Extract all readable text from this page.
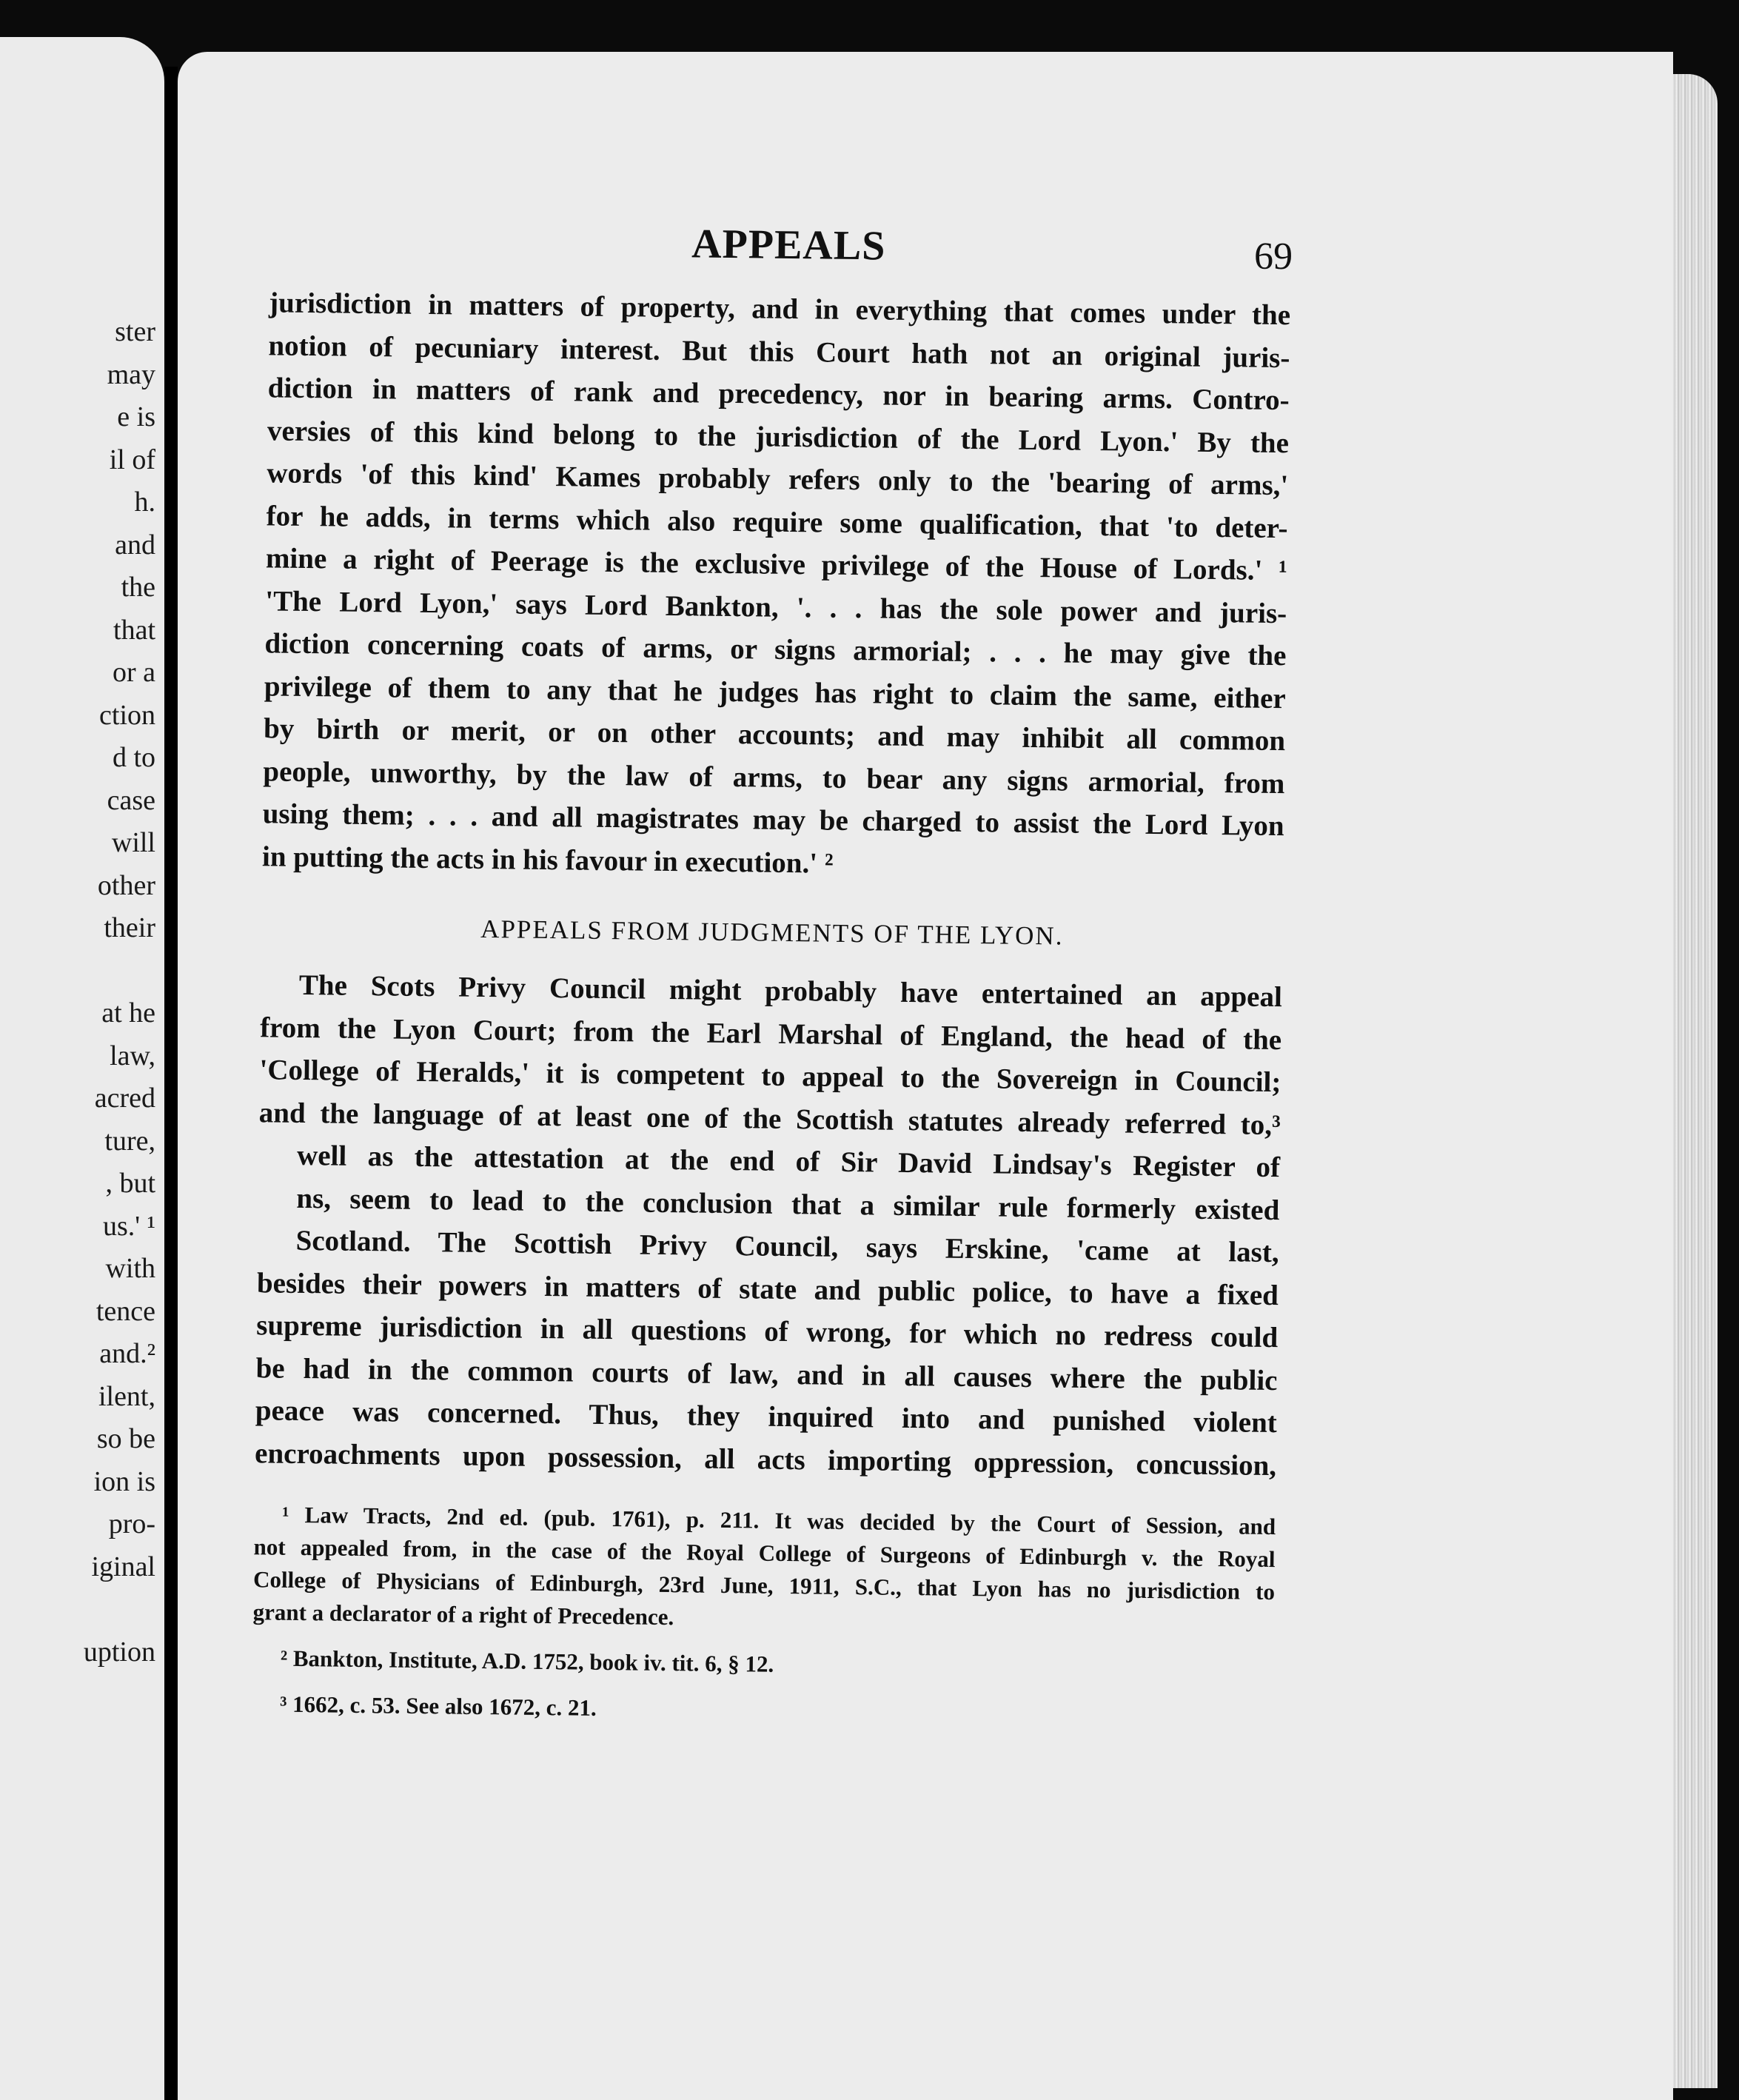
ster
may
e is
il of
h.
and
the
that
or a
ction
d to
case
will
other
their
at he
law,
acred
ture,
, but
us.' ¹
with
tence
and.²
ilent,
so be
ion is
pro-
iginal
uption
APPEALS	69
jurisdiction in matters of property, and in everything that comes under the
notion of pecuniary interest. But this Court hath not an original juris-
diction in matters of rank and precedency, nor in bearing arms. Contro-
versies of this kind belong to the jurisdiction of the Lord Lyon.' By the
words 'of this kind' Kames probably refers only to the 'bearing of arms,'
for he adds, in terms which also require some qualification, that 'to deter-
mine a right of Peerage is the exclusive privilege of the House of Lords.' ¹
'The Lord Lyon,' says Lord Bankton, '. . . has the sole power and juris-
diction concerning coats of arms, or signs armorial; . . . he may give the
privilege of them to any that he judges has right to claim the same, either
by birth or merit, or on other accounts; and may inhibit all common
people, unworthy, by the law of arms, to bear any signs armorial, from
using them; . . . and all magistrates may be charged to assist the Lord Lyon
in putting the acts in his favour in execution.' ²
APPEALS FROM JUDGMENTS OF THE LYON.
The Scots Privy Council might probably have entertained an appeal
from the Lyon Court; from the Earl Marshal of England, the head of the
'College of Heralds,' it is competent to appeal to the Sovereign in Council;
and the language of at least one of the Scottish statutes already referred to,³
well as the attestation at the end of Sir David Lindsay's Register of
ns, seem to lead to the conclusion that a similar rule formerly existed
Scotland. The Scottish Privy Council, says Erskine, 'came at last,
besides their powers in matters of state and public police, to have a fixed
supreme jurisdiction in all questions of wrong, for which no redress could
be had in the common courts of law, and in all causes where the public
peace was concerned. Thus, they inquired into and punished violent
encroachments upon possession, all acts importing oppression, concussion,
¹ Law Tracts, 2nd ed. (pub. 1761), p. 211. It was decided by the Court of Session, and
not appealed from, in the case of the Royal College of Surgeons of Edinburgh v. the Royal
College of Physicians of Edinburgh, 23rd June, 1911, S.C., that Lyon has no jurisdiction to
grant a declarator of a right of Precedence.
² Bankton, Institute, A.D. 1752, book iv. tit. 6, § 12.
³ 1662, c. 53. See also 1672, c. 21.
